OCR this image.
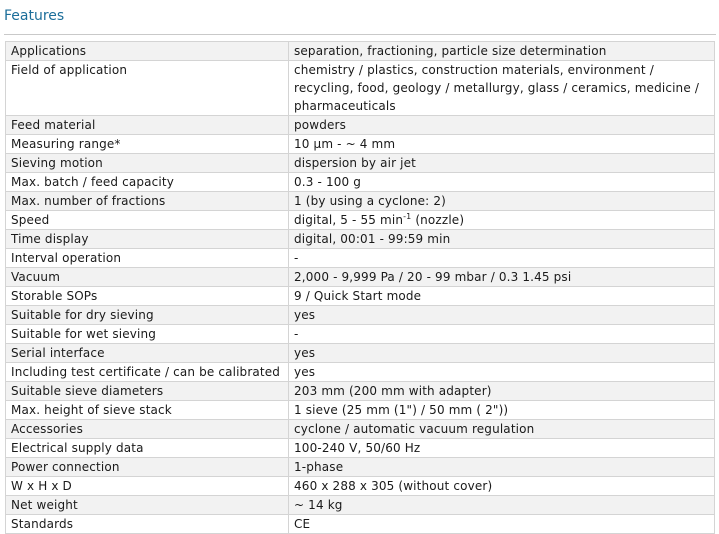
Features
Applications	separation, fractioning, particle size determination
Field of application	chemistry / plastics, construction materials, environment / recycling, food, geology / metallurgy, glass / ceramics, medicine / pharmaceuticals
Feed material	powders
Measuring range*	10 µm - ~ 4 mm
Sieving motion	dispersion by air jet
Max. batch / feed capacity	0.3 - 100 g
Max. number of fractions	1 (by using a cyclone: 2)
Speed	digital, 5 - 55 $\min^{-1}$ (nozzle)
Time display	digital, 00:01 - 99:59 min
Interval operation	-
Vacuum	2,000 - 9,999 Pa / 20 - 99 mbar / 0.3 1.45 psi
Storable SOPs	9 / Quick Start mode
Suitable for dry sieving	yes
Suitable for wet sieving	-
Serial interface	yes
Including test certificate / can be calibrated	yes
Suitable sieve diameters	203 mm (200 mm with adapter)
Max. height of sieve stack	1 sieve (25 mm (1") / 50 mm ( 2"))
Accessories	cyclone / automatic vacuum regulation
Electrical supply data	100-240 V, 50/60 Hz
Power connection	1-phase
W x H x D	460 x 288 x 305 (without cover)
Net weight	~ 14 kg
Standards	CE
